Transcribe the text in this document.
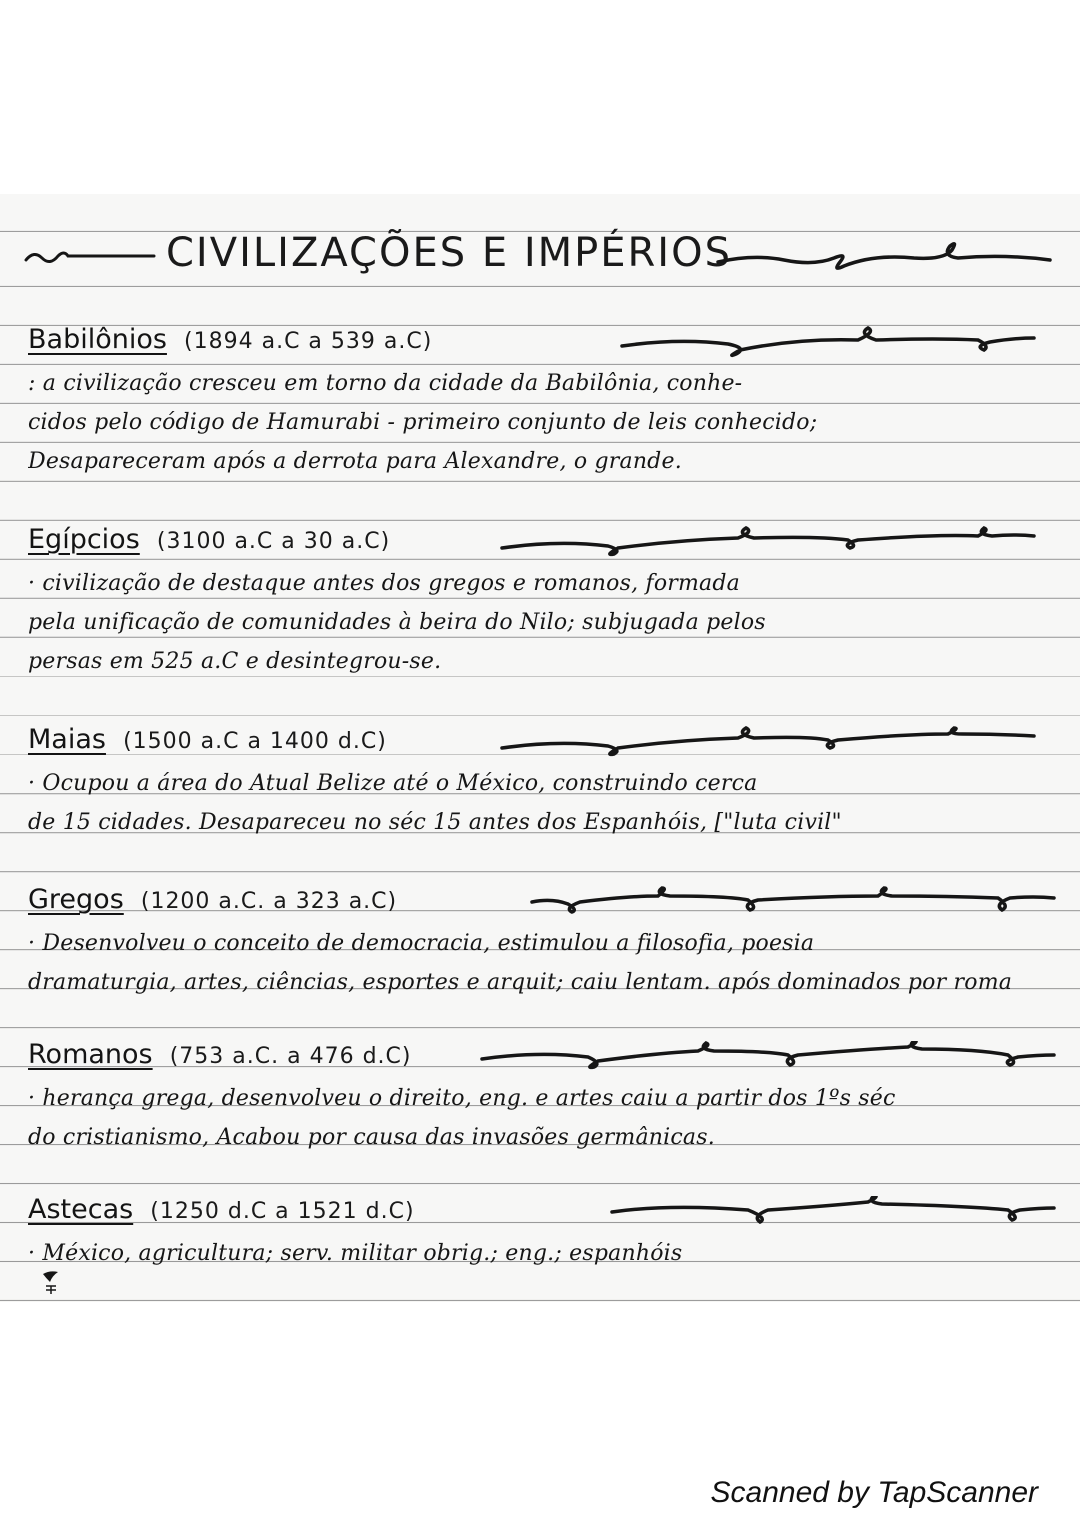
CIVILIZAÇÕES E IMPÉRIOS
Babilônios (1894 a.C a 539 a.C)
: a civilização cresceu em torno da cidade da Babilônia, conhe-
cidos pelo código de Hamurabi - primeiro conjunto de leis conhecido;
Desapareceram após a derrota para Alexandre, o grande.
Egípcios (3100 a.C a 30 a.C)
· civilização de destaque antes dos gregos e romanos, formada
pela unificação de comunidades à beira do Nilo; subjugada pelos
persas em 525 a.C e desintegrou-se.
Maias (1500 a.C a 1400 d.C)
· Ocupou a área do Atual Belize até o México, construindo cerca
de 15 cidades. Desapareceu no séc 15 antes dos Espanhóis, ["luta civil"
Gregos (1200 a.C. a 323 a.C)
· Desenvolveu o conceito de democracia, estimulou a filosofia, poesia
dramaturgia, artes, ciências, esportes e arquit; caiu lentam. após dominados por roma
Romanos (753 a.C. a 476 d.C)
· herança grega, desenvolveu o direito, eng. e artes caiu a partir dos 1ºs séc
do cristianismo, Acabou por causa das invasões germânicas.
Astecas (1250 d.C a 1521 d.C)
· México, agricultura; serv. militar obrig.; eng.; espanhóis
Scanned by TapScanner
